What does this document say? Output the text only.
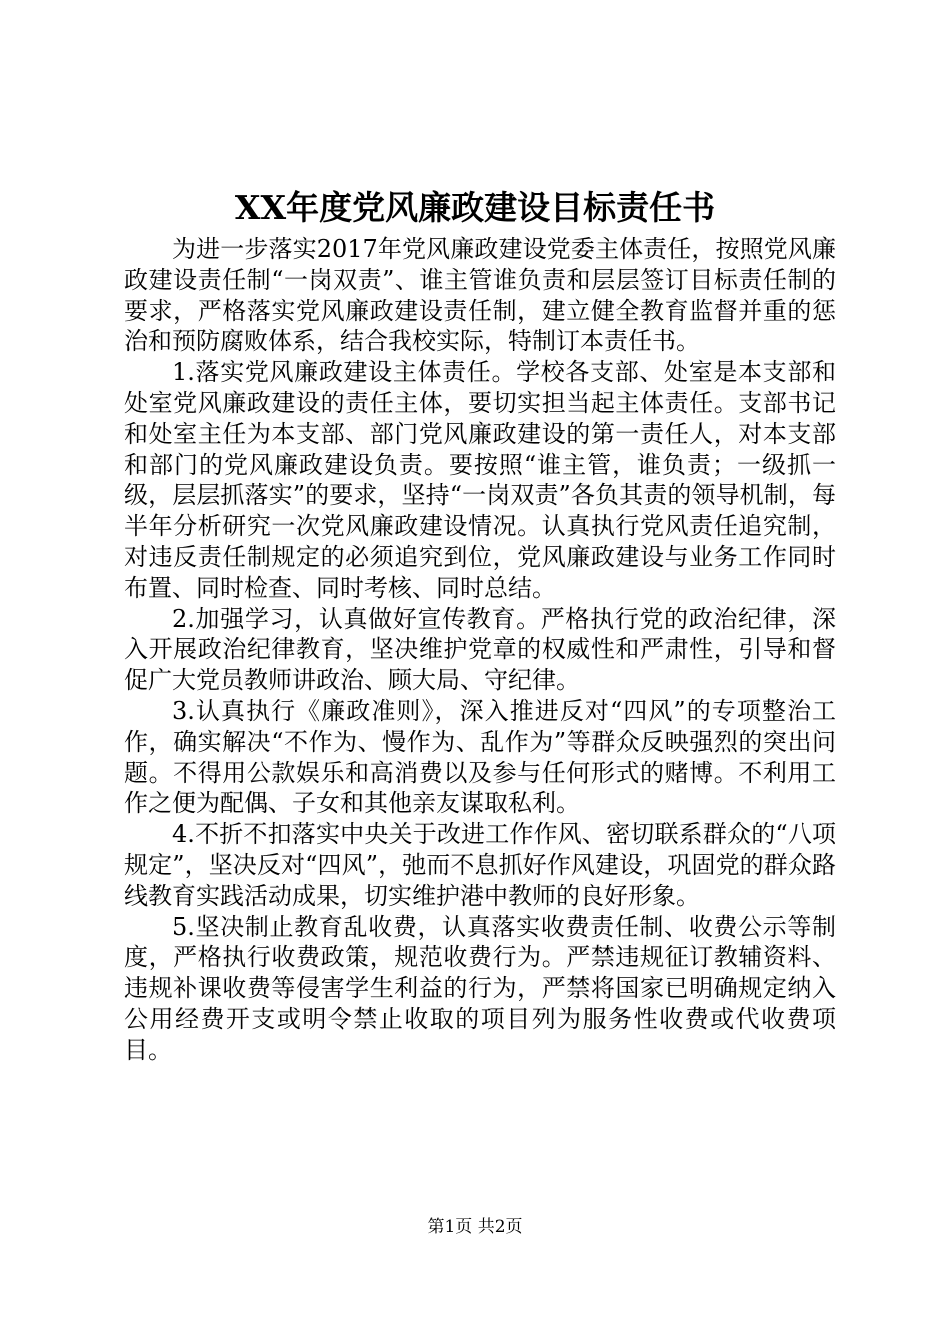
XX年度党风廉政建设目标责任书

为进一步落实2017年党风廉政建设党委主体责任，按照党风廉政建设责任制“一岗双责”、谁主管谁负责和层层签订目标责任制的要求，严格落实党风廉政建设责任制，建立健全教育监督并重的惩治和预防腐败体系，结合我校实际，特制订本责任书。

1.落实党风廉政建设主体责任。学校各支部、处室是本支部和处室党风廉政建设的责任主体，要切实担当起主体责任。支部书记和处室主任为本支部、部门党风廉政建设的第一责任人，对本支部和部门的党风廉政建设负责。要按照“谁主管，谁负责；一级抓一级，层层抓落实”的要求，坚持“一岗双责”各负其责的领导机制，每半年分析研究一次党风廉政建设情况。认真执行党风责任追究制，对违反责任制规定的必须追究到位，党风廉政建设与业务工作同时布置、同时检查、同时考核、同时总结。

2.加强学习，认真做好宣传教育。严格执行党的政治纪律，深入开展政治纪律教育，坚决维护党章的权威性和严肃性，引导和督促广大党员教师讲政治、顾大局、守纪律。

3.认真执行《廉政准则》，深入推进反对“四风”的专项整治工作，确实解决“不作为、慢作为、乱作为”等群众反映强烈的突出问题。不得用公款娱乐和高消费以及参与任何形式的赌博。不利用工作之便为配偶、子女和其他亲友谋取私利。

4.不折不扣落实中央关于改进工作作风、密切联系群众的“八项规定”，坚决反对“四风”，弛而不息抓好作风建设，巩固党的群众路线教育实践活动成果，切实维护港中教师的良好形象。

5.坚决制止教育乱收费，认真落实收费责任制、收费公示等制度，严格执行收费政策，规范收费行为。严禁违规征订教辅资料、违规补课收费等侵害学生利益的行为，严禁将国家已明确规定纳入公用经费开支或明令禁止收取的项目列为服务性收费或代收费项目。

第1页 共2页
